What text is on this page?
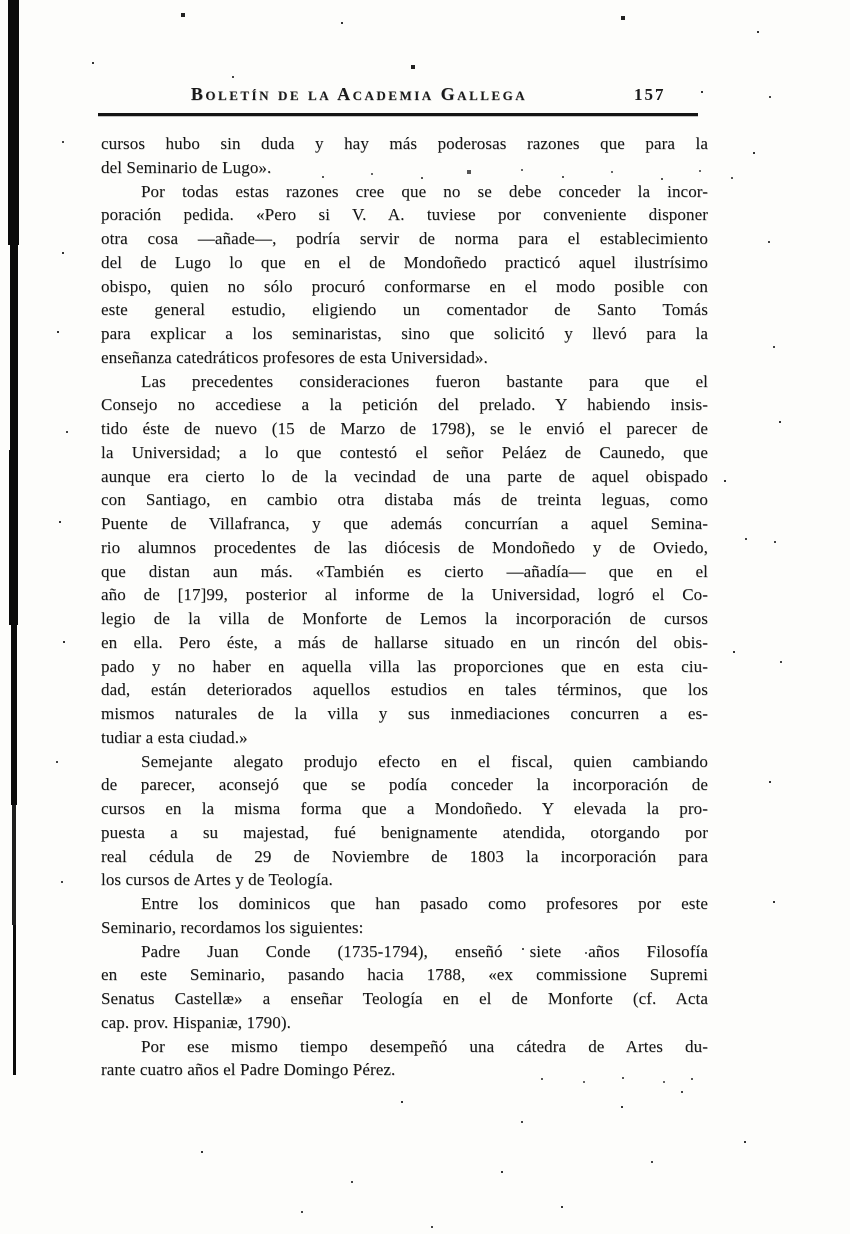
Boletín de la Academia Gallega	157
cursos hubo sin duda y hay más poderosas razones que para la
del Seminario de Lugo».
Por todas estas razones cree que no se debe conceder la incor-
poración pedida. «Pero si V. A. tuviese por conveniente disponer
otra cosa —añade—, podría servir de norma para el establecimiento
del de Lugo lo que en el de Mondoñedo practicó aquel ilustrísimo
obispo, quien no sólo procuró conformarse en el modo posible con
este general estudio, eligiendo un comentador de Santo Tomás
para explicar a los seminaristas, sino que solicitó y llevó para la
enseñanza catedráticos profesores de esta Universidad».
Las precedentes consideraciones fueron bastante para que el
Consejo no accediese a la petición del prelado. Y habiendo insis-
tido éste de nuevo (15 de Marzo de 1798), se le envió el parecer de
la Universidad; a lo que contestó el señor Peláez de Caunedo, que
aunque era cierto lo de la vecindad de una parte de aquel obispado
con Santiago, en cambio otra distaba más de treinta leguas, como
Puente de Villafranca, y que además concurrían a aquel Semina-
rio alumnos procedentes de las diócesis de Mondoñedo y de Oviedo,
que distan aun más. «También es cierto —añadía— que en el
año de [17]99, posterior al informe de la Universidad, logró el Co-
legio de la villa de Monforte de Lemos la incorporación de cursos
en ella. Pero éste, a más de hallarse situado en un rincón del obis-
pado y no haber en aquella villa las proporciones que en esta ciu-
dad, están deteriorados aquellos estudios en tales términos, que los
mismos naturales de la villa y sus inmediaciones concurren a es-
tudiar a esta ciudad.»
Semejante alegato produjo efecto en el fiscal, quien cambiando
de parecer, aconsejó que se podía conceder la incorporación de
cursos en la misma forma que a Mondoñedo. Y elevada la pro-
puesta a su majestad, fué benignamente atendida, otorgando por
real cédula de 29 de Noviembre de 1803 la incorporación para
los cursos de Artes y de Teología.
Entre los dominicos que han pasado como profesores por este
Seminario, recordamos los siguientes:
Padre Juan Conde (1735-1794), enseñó siete años Filosofía
en este Seminario, pasando hacia 1788, «ex commissione Supremi
Senatus Castellæ» a enseñar Teología en el de Monforte (cf. Acta
cap. prov. Hispaniæ, 1790).
Por ese mismo tiempo desempeñó una cátedra de Artes du-
rante cuatro años el Padre Domingo Pérez.
